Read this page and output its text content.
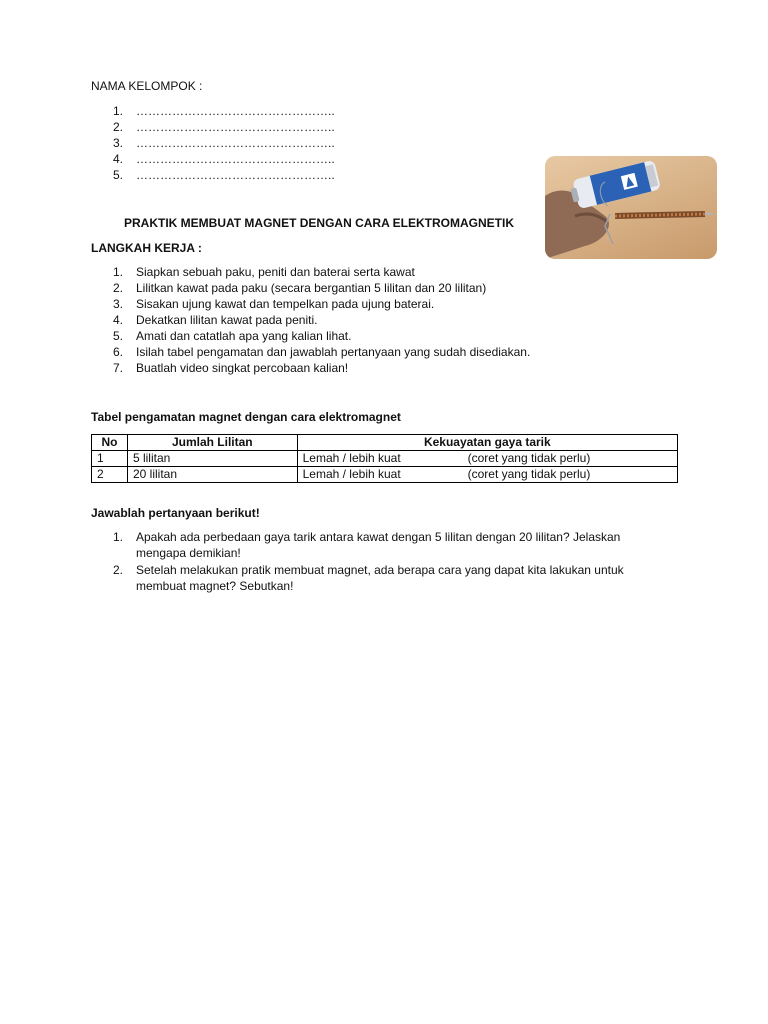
NAMA KELOMPOK :
1.	…………………………………………..
2.	…………………………………………..
3.	…………………………………………..
4.	…………………………………………..
5.	…………………………………………..
PRAKTIK MEMBUAT MAGNET DENGAN CARA ELEKTROMAGNETIK
LANGKAH KERJA :
1.	Siapkan sebuah paku, peniti dan baterai serta kawat
2.	Lilitkan kawat pada paku (secara bergantian 5 lilitan dan 20 lilitan)
3.	Sisakan ujung kawat dan tempelkan pada ujung baterai.
4.	Dekatkan lilitan kawat pada peniti.
5.	Amati dan catatlah apa yang kalian lihat.
6.	Isilah tabel pengamatan dan jawablah pertanyaan yang sudah disediakan.
7.	Buatlah video singkat percobaan kalian!
Tabel pengamatan magnet dengan cara elektromagnet
No	Jumlah Lilitan	Kekuayatan gaya tarik
1	5 lilitan	Lemah / lebih kuat (coret yang tidak perlu)
2	20 lilitan	Lemah / lebih kuat (coret yang tidak perlu)
Jawablah pertanyaan berikut!
1.	Apakah ada perbedaan gaya tarik antara kawat dengan 5 lilitan dengan 20 lilitan? Jelaskan
mengapa demikian!
2.	Setelah melakukan pratik membuat magnet, ada berapa cara yang dapat kita lakukan untuk
membuat magnet? Sebutkan!
